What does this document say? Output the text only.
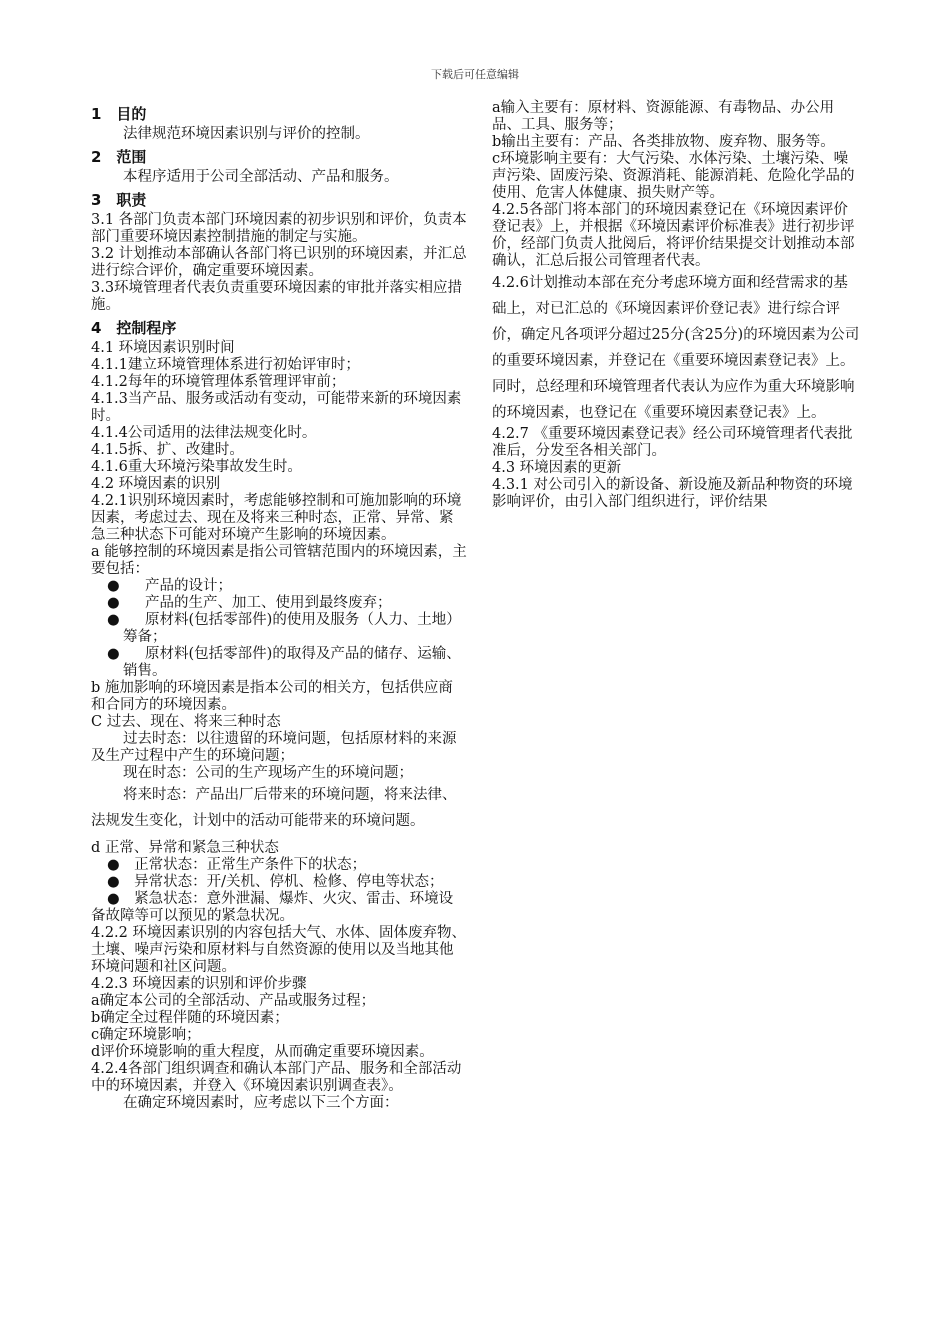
下载后可任意编辑
1　目的

法律规范环境因素识别与评价的控制。

2　范围

本程序适用于公司全部活动、产品和服务。

3　职责

3.1 各部门负责本部门环境因素的初步识别和评价，负责本部门重要环境因素控制措施的制定与实施。

3.2 计划推动本部确认各部门将已识别的环境因素，并汇总进行综合评价，确定重要环境因素。

3.3环境管理者代表负责重要环境因素的审批并落实相应措施。

4　控制程序

4.1 环境因素识别时间

4.1.1建立环境管理体系进行初始评审时；

4.1.2每年的环境管理体系管理评审前；

4.1.3当产品、服务或活动有变动，可能带来新的环境因素时。

4.1.4公司适用的法律法规变化时。

4.1.5拆、扩、改建时。

4.1.6重大环境污染事故发生时。

4.2 环境因素的识别

4.2.1识别环境因素时，考虑能够控制和可施加影响的环境因素，考虑过去、现在及将来三种时态，正常、异常、紧急三种状态下可能对环境产生影响的环境因素。

a 能够控制的环境因素是指公司管辖范围内的环境因素，主要包括：

●	产品的设计；
●	产品的生产、加工、使用到最终废弃；
●	原材料(包括零部件)的使用及服务（人力、土地）筹备；
●	原材料(包括零部件)的取得及产品的储存、运输、销售。

b 施加影响的环境因素是指本公司的相关方，包括供应商和合同方的环境因素。

C 过去、现在、将来三种时态

过去时态：以往遗留的环境问题，包括原材料的来源及生产过程中产生的环境问题；

现在时态：公司的生产现场产生的环境问题；

将来时态：产品出厂后带来的环境问题，将来法律、法规发生变化，计划中的活动可能带来的环境问题。

d 正常、异常和紧急三种状态

●　正常状态：正常生产条件下的状态；

●　异常状态：开/关机、停机、检修、停电等状态；

●　紧急状态：意外泄漏、爆炸、火灾、雷击、环境设备故障等可以预见的紧急状况。

4.2.2 环境因素识别的内容包括大气、水体、固体废弃物、土壤、噪声污染和原材料与自然资源的使用以及当地其他环境问题和社区问题。

4.2.3 环境因素的识别和评价步骤

a确定本公司的全部活动、产品或服务过程；

b确定全过程伴随的环境因素；

c确定环境影响；

d评价环境影响的重大程度，从而确定重要环境因素。

4.2.4各部门组织调查和确认本部门产品、服务和全部活动中的环境因素，并登入《环境因素识别调查表》。

在确定环境因素时，应考虑以下三个方面：

a输入主要有：原材料、资源能源、有毒物品、办公用品、工具、服务等；

b输出主要有：产品、各类排放物、废弃物、服务等。

c环境影响主要有：大气污染、水体污染、土壤污染、噪声污染、固废污染、资源消耗、能源消耗、危险化学品的使用、危害人体健康、损失财产等。

4.2.5各部门将本部门的环境因素登记在《环境因素评价登记表》上，并根据《环境因素评价标准表》进行初步评价，经部门负责人批阅后，将评价结果提交计划推动本部确认，汇总后报公司管理者代表。

4.2.6计划推动本部在充分考虑环境方面和经营需求的基础上，对已汇总的《环境因素评价登记表》进行综合评价，确定凡各项评分超过25分(含25分)的环境因素为公司的重要环境因素，并登记在《重要环境因素登记表》上。同时，总经理和环境管理者代表认为应作为重大环境影响的环境因素，也登记在《重要环境因素登记表》上。

4.2.7 《重要环境因素登记表》经公司环境管理者代表批准后，分发至各相关部门。

4.3 环境因素的更新

4.3.1 对公司引入的新设备、新设施及新品种物资的环境影响评价，由引入部门组织进行，评价结果
